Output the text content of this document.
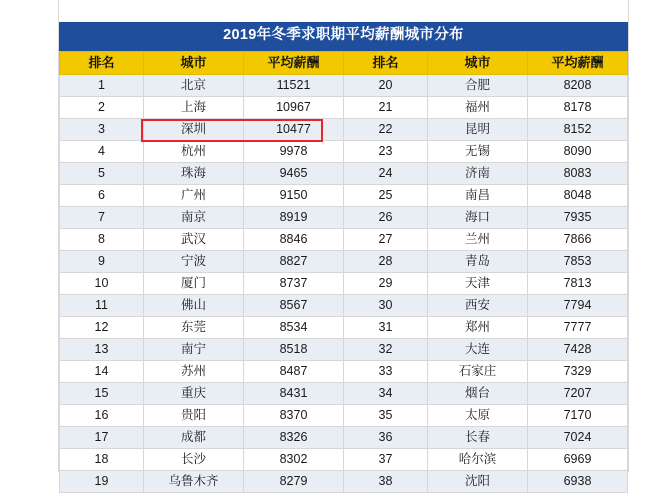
2019年冬季求职期平均薪酬城市分布
排名	城市	平均薪酬	排名	城市	平均薪酬
1	北京	11521	20	合肥	8208
2	上海	10967	21	福州	8178
3	深圳	10477	22	昆明	8152
4	杭州	9978	23	无锡	8090
5	珠海	9465	24	济南	8083
6	广州	9150	25	南昌	8048
7	南京	8919	26	海口	7935
8	武汉	8846	27	兰州	7866
9	宁波	8827	28	青岛	7853
10	厦门	8737	29	天津	7813
11	佛山	8567	30	西安	7794
12	东莞	8534	31	郑州	7777
13	南宁	8518	32	大连	7428
14	苏州	8487	33	石家庄	7329
15	重庆	8431	34	烟台	7207
16	贵阳	8370	35	太原	7170
17	成都	8326	36	长春	7024
18	长沙	8302	37	哈尔滨	6969
19	乌鲁木齐	8279	38	沈阳	6938
